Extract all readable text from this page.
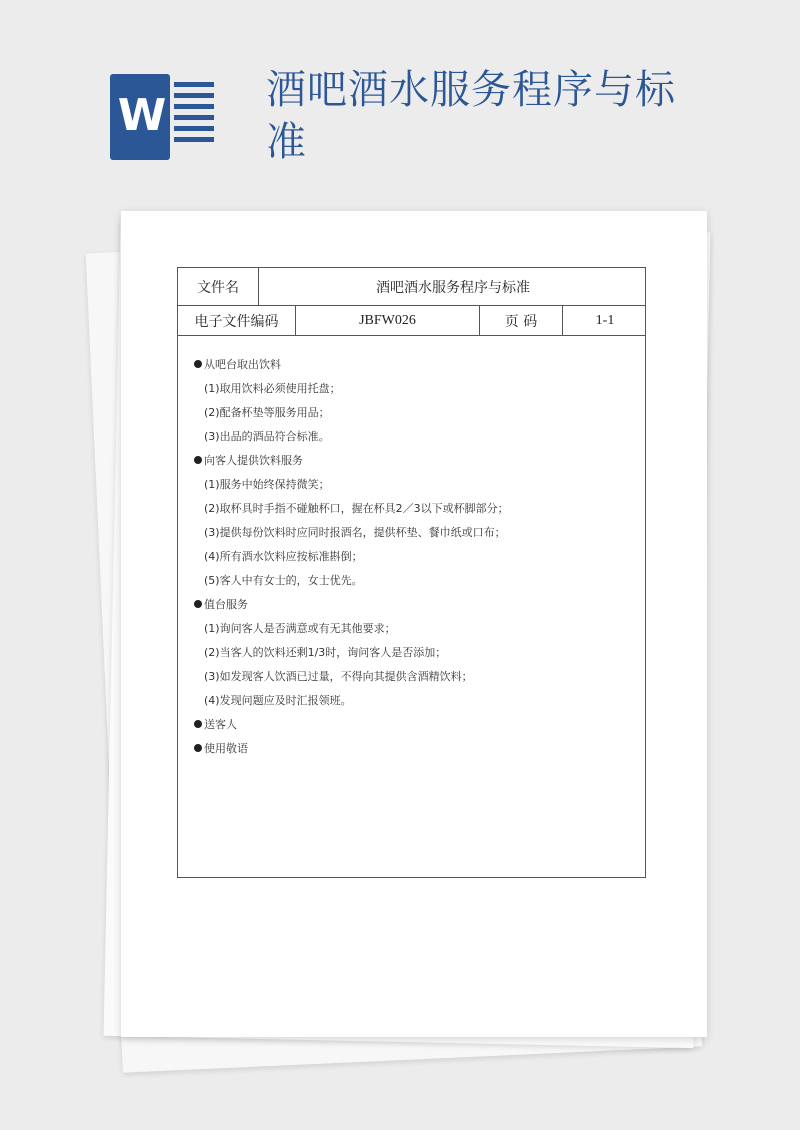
W 酒吧酒水服务程序与标准
文件名	酒吧酒水服务程序与标准
电子文件编码	JBFW026	页 码	1-1
从吧台取出饮料
(1)取用饮料必须使用托盘；
(2)配备杯垫等服务用品；
(3)出品的酒品符合标准。
向客人提供饮料服务
(1)服务中始终保持微笑；
(2)取杯具时手指不碰触杯口，握在杯具2／3以下或杯脚部分；
(3)提供每份饮料时应同时报酒名，提供杯垫、餐巾纸或口布；
(4)所有酒水饮料应按标准斟倒；
(5)客人中有女士的，女士优先。
值台服务
(1)询问客人是否满意或有无其他要求；
(2)当客人的饮料还剩1/3时，询问客人是否添加；
(3)如发现客人饮酒已过量，不得向其提供含酒精饮料；
(4)发现问题应及时汇报领班。
送客人
使用敬语
